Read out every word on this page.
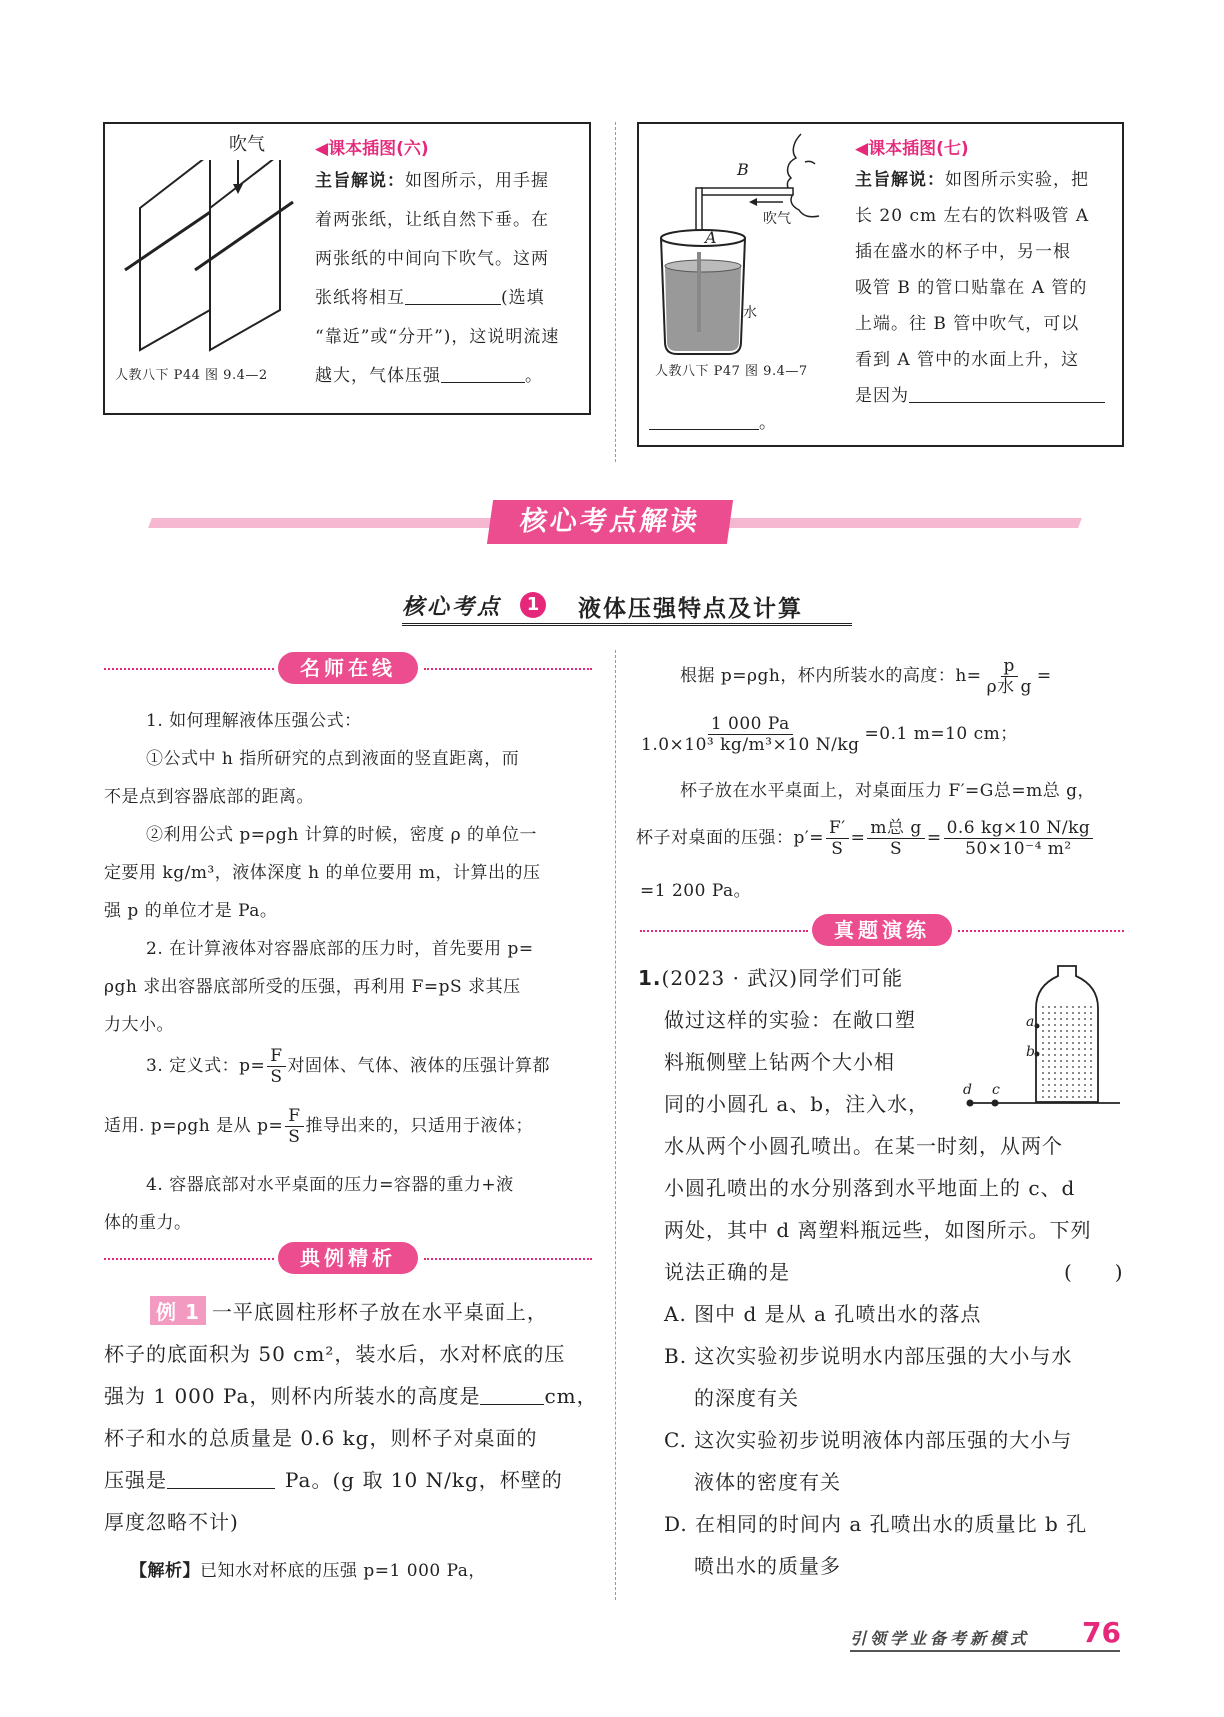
吹气
人教八下 P44 图 9.4—2
◀课本插图(六)
主旨解说：如图所示，用手握
着两张纸，让纸自然下垂。在
两张纸的中间向下吹气。这两
张纸将相互	(选填
“靠近”或“分开”)，这说明流速
越大，气体压强	。
B
A
吹气
水
人教八下 P47 图 9.4—7
◀课本插图(七)
主旨解说：如图所示实验，把
长 20 cm 左右的饮料吸管 A
插在盛水的杯子中，另一根
吸管 B 的管口贴靠在 A 管的
上端。往 B 管中吹气，可以
看到 A 管中的水面上升，这
是因为
。
核心考点解读
核心考点	1 液体压强特点及计算
名师在线
1. 如何理解液体压强公式：
①公式中 h 指所研究的点到液面的竖直距离，而
不是点到容器底部的距离。
②利用公式 p=ρgh 计算的时候，密度 ρ 的单位一
定要用 kg/m³，液体深度 h 的单位要用 m，计算出的压
强 p 的单位才是 Pa。
2. 在计算液体对容器底部的压力时，首先要用 p=
ρgh 求出容器底部所受的压强，再利用 F=pS 求其压
力大小。
3. 定义式：$p= \frac{F}{S}$ 对固体、气体、液体的压强计算都
适用. p=ρgh 是从 $p= \frac{F}{S}$ 推导出来的，只适用于液体；
4. 容器底部对水平桌面的压力=容器的重力+液
体的重力。
典例精析
例 1 一平底圆柱形杯子放在水平桌面上，
杯子的底面积为 50 cm²，装水后，水对杯底的压
强为 1 000 Pa，则杯内所装水的高度是	cm，
杯子和水的总质量是 0.6 kg，则杯子对桌面的
压强是	Pa。(g 取 10 N/kg，杯壁的
厚度忽略不计)
【解析】已知水对杯底的压强 p=1 000 Pa，
根据 p=ρgh，杯内所装水的高度：$h= \frac{p}{\text{ρ水 g}}$ =
$\frac{1 000 Pa}{\text{1.0×10³ kg/m³×10 N/kg}} =0.1$ m=10 cm；
杯子放在水平桌面上，对桌面压力 F′=G总=m总 g，
杯子对桌面的压强：$p'= \frac{F'}{S} = \frac{\text{m总 g}}{S} = \frac{0.6 kg\times 10 N/kg}{\text{50×10⁻⁴ m²}}$
=1 200 Pa。
真题演练
1.(2023 · 武汉)同学们可能
做过这样的实验：在敞口塑
料瓶侧壁上钻两个大小相
同的小圆孔 a、b，注入水，
水从两个小圆孔喷出。在某一时刻，从两个
小圆孔喷出的水分别落到水平地面上的 c、d
两处，其中 d 离塑料瓶远些，如图所示。下列
说法正确的是	(　　)
A. 图中 d 是从 a 孔喷出水的落点
B. 这次实验初步说明水内部压强的大小与水
的深度有关
C. 这次实验初步说明液体内部压强的大小与
液体的密度有关
D. 在相同的时间内 a 孔喷出水的质量比 b 孔
喷出水的质量多
a
b
d c
引领学业备考新模式 76
